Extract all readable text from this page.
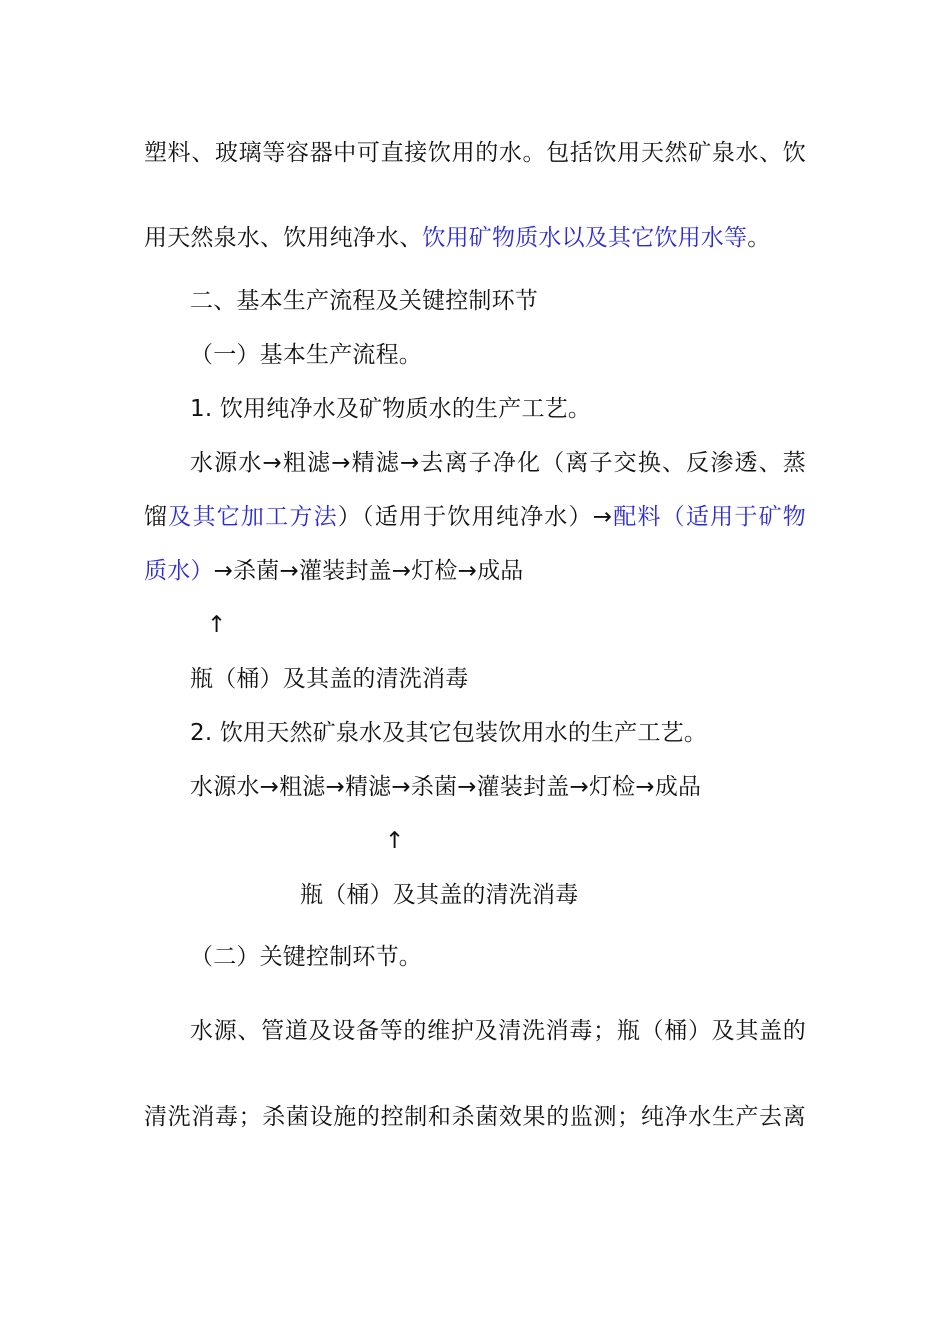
塑料、玻璃等容器中可直接饮用的水。包括饮用天然矿泉水、饮
用天然泉水、饮用纯净水、饮用矿物质水以及其它饮用水等。
二、基本生产流程及关键控制环节
（一）基本生产流程。
1. 饮用纯净水及矿物质水的生产工艺。
水源水→粗滤→精滤→去离子净化（离子交换、反渗透、蒸
馏及其它加工方法）（适用于饮用纯净水）→配料（适用于矿物
质水）→杀菌→灌装封盖→灯检→成品
↑
瓶（桶）及其盖的清洗消毒
2. 饮用天然矿泉水及其它包装饮用水的生产工艺。
水源水→粗滤→精滤→杀菌→灌装封盖→灯检→成品
↑
瓶（桶）及其盖的清洗消毒
（二）关键控制环节。
水源、管道及设备等的维护及清洗消毒；瓶（桶）及其盖的
清洗消毒；杀菌设施的控制和杀菌效果的监测；纯净水生产去离
